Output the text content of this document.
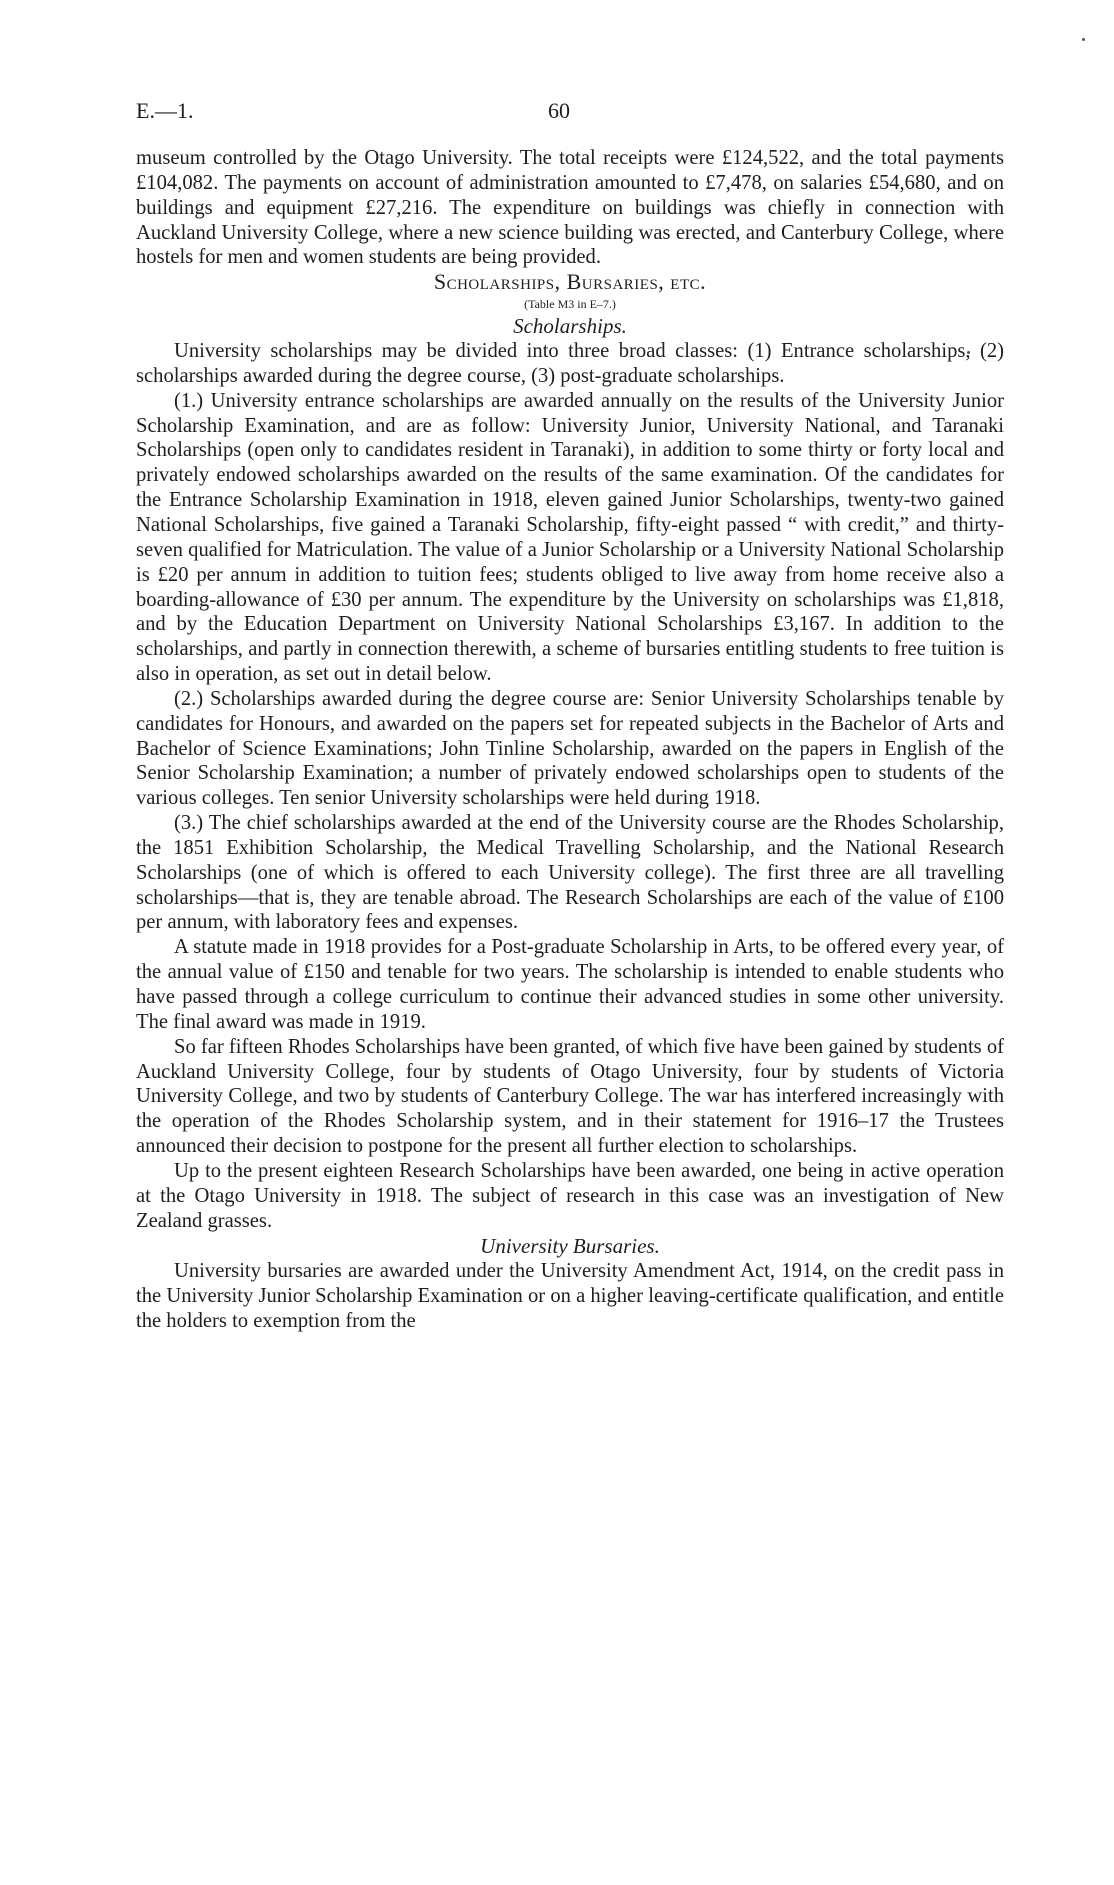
E.—1.	60

museum controlled by the Otago University. The total receipts were £124,522, and the total payments £104,082. The payments on account of administration amounted to £7,478, on salaries £54,680, and on buildings and equipment £27,216. The expenditure on buildings was chiefly in connection with Auckland University College, where a new science building was erected, and Canterbury College, where hostels for men and women students are being provided.

Scholarships, Bursaries, etc.

(Table M3 in E–7.)

Scholarships.

University scholarships may be divided into three broad classes: (1) Entrance scholarships, (2) scholarships awarded during the degree course, (3) post-graduate scholarships.

(1.) University entrance scholarships are awarded annually on the results of the University Junior Scholarship Examination, and are as follow: University Junior, University National, and Taranaki Scholarships (open only to candidates resident in Taranaki), in addition to some thirty or forty local and privately endowed scholarships awarded on the results of the same examination. Of the candidates for the Entrance Scholarship Examination in 1918, eleven gained Junior Scholarships, twenty-two gained National Scholarships, five gained a Taranaki Scholarship, fifty-eight passed “ with credit,” and thirty-seven qualified for Matriculation. The value of a Junior Scholarship or a University National Scholarship is £20 per annum in addition to tuition fees; students obliged to live away from home receive also a boarding-allowance of £30 per annum. The expenditure by the University on scholarships was £1,818, and by the Education Department on University National Scholarships £3,167. In addition to the scholarships, and partly in connection therewith, a scheme of bursaries entitling students to free tuition is also in operation, as set out in detail below.

(2.) Scholarships awarded during the degree course are: Senior University Scholarships tenable by candidates for Honours, and awarded on the papers set for repeated subjects in the Bachelor of Arts and Bachelor of Science Examinations; John Tinline Scholarship, awarded on the papers in English of the Senior Scholarship Examination; a number of privately endowed scholarships open to students of the various colleges. Ten senior University scholarships were held during 1918.

(3.) The chief scholarships awarded at the end of the University course are the Rhodes Scholarship, the 1851 Exhibition Scholarship, the Medical Travelling Scholarship, and the National Research Scholarships (one of which is offered to each University college). The first three are all travelling scholarships—that is, they are tenable abroad. The Research Scholarships are each of the value of £100 per annum, with laboratory fees and expenses.

A statute made in 1918 provides for a Post-graduate Scholarship in Arts, to be offered every year, of the annual value of £150 and tenable for two years. The scholarship is intended to enable students who have passed through a college curriculum to continue their advanced studies in some other university. The final award was made in 1919.

So far fifteen Rhodes Scholarships have been granted, of which five have been gained by students of Auckland University College, four by students of Otago University, four by students of Victoria University College, and two by students of Canterbury College. The war has interfered increasingly with the operation of the Rhodes Scholarship system, and in their statement for 1916–17 the Trustees announced their decision to postpone for the present all further election to scholarships.

Up to the present eighteen Research Scholarships have been awarded, one being in active operation at the Otago University in 1918. The subject of research in this case was an investigation of New Zealand grasses.

University Bursaries.

University bursaries are awarded under the University Amendment Act, 1914, on the credit pass in the University Junior Scholarship Examination or on a higher leaving-certificate qualification, and entitle the holders to exemption from the
